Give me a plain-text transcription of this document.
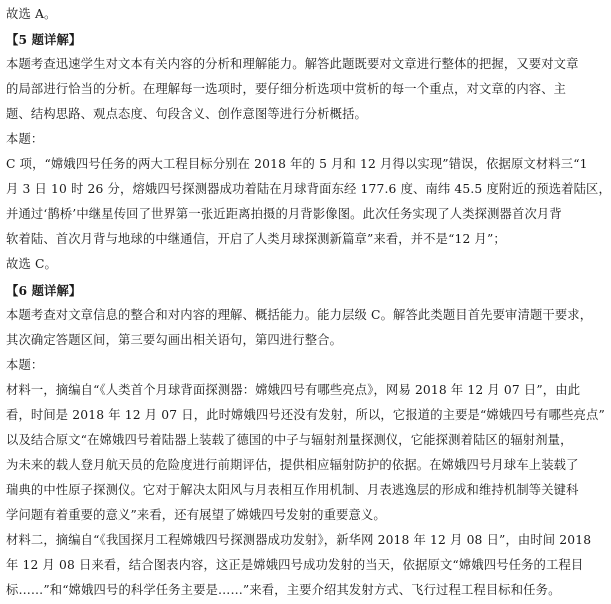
故选 A。
【5 题详解】
本题考查迅速学生对文本有关内容的分析和理解能力。解答此题既要对文章进行整体的把握，又要对文章
的局部进行恰当的分析。在理解每一选项时，要仔细分析选项中赏析的每一个重点，对文章的内容、主
题、结构思路、观点态度、句段含义、创作意图等进行分析概括。
本题：
C 项，“嫦娥四号任务的两大工程目标分别在 2018 年的 5 月和 12 月得以实现”错误，依据原文材料三“1
月 3 日 10 时 26 分，熔娥四号探测器成功着陆在月球背面东经 177.6 度、南纬 45.5 度附近的预选着陆区，
并通过‘鹊桥’中继星传回了世界第一张近距离拍摄的月背影像图。此次任务实现了人类探测器首次月背
软着陆、首次月背与地球的中继通信，开启了人类月球探测新篇章”来看，并不是“12 月”；
故选 C。
【6 题详解】
本题考查对文章信息的整合和对内容的理解、概括能力。能力层级 C。解答此类题目首先要审清题干要求，
其次确定答题区间，第三要勾画出相关语句，第四进行整合。
本题：
材料一，摘编自“《人类首个月球背面探测器：嫦娥四号有哪些亮点》，网易 2018 年 12 月 07 日”，由此
看，时间是 2018 年 12 月 07 日，此时嫦娥四号还没有发射，所以，它报道的主要是“嫦娥四号有哪些亮点”
以及结合原文“在嫦娥四号着陆器上装载了德国的中子与辐射剂量探测仪，它能探测着陆区的辐射剂量，
为未来的载人登月航天员的危险度进行前期评估，提供相应辐射防护的依据。在嫦娥四号月球车上装载了
瑞典的中性原子探测仪。它对于解决太阳风与月表相互作用机制、月表逃逸层的形成和维持机制等关键科
学问题有着重要的意义”来看，还有展望了嫦娥四号发射的重要意义。
材料二，摘编自“《我国探月工程嫦娥四号探测器成功发射》，新华网 2018 年 12 月 08 日”，由时间 2018
年 12 月 08 日来看，结合图表内容，这正是嫦娥四号成功发射的当天，依据原文“嫦娥四号任务的工程目
标……”和“嫦娥四号的科学任务主要是……”来看，主要介绍其发射方式、飞行过程工程目标和任务。
